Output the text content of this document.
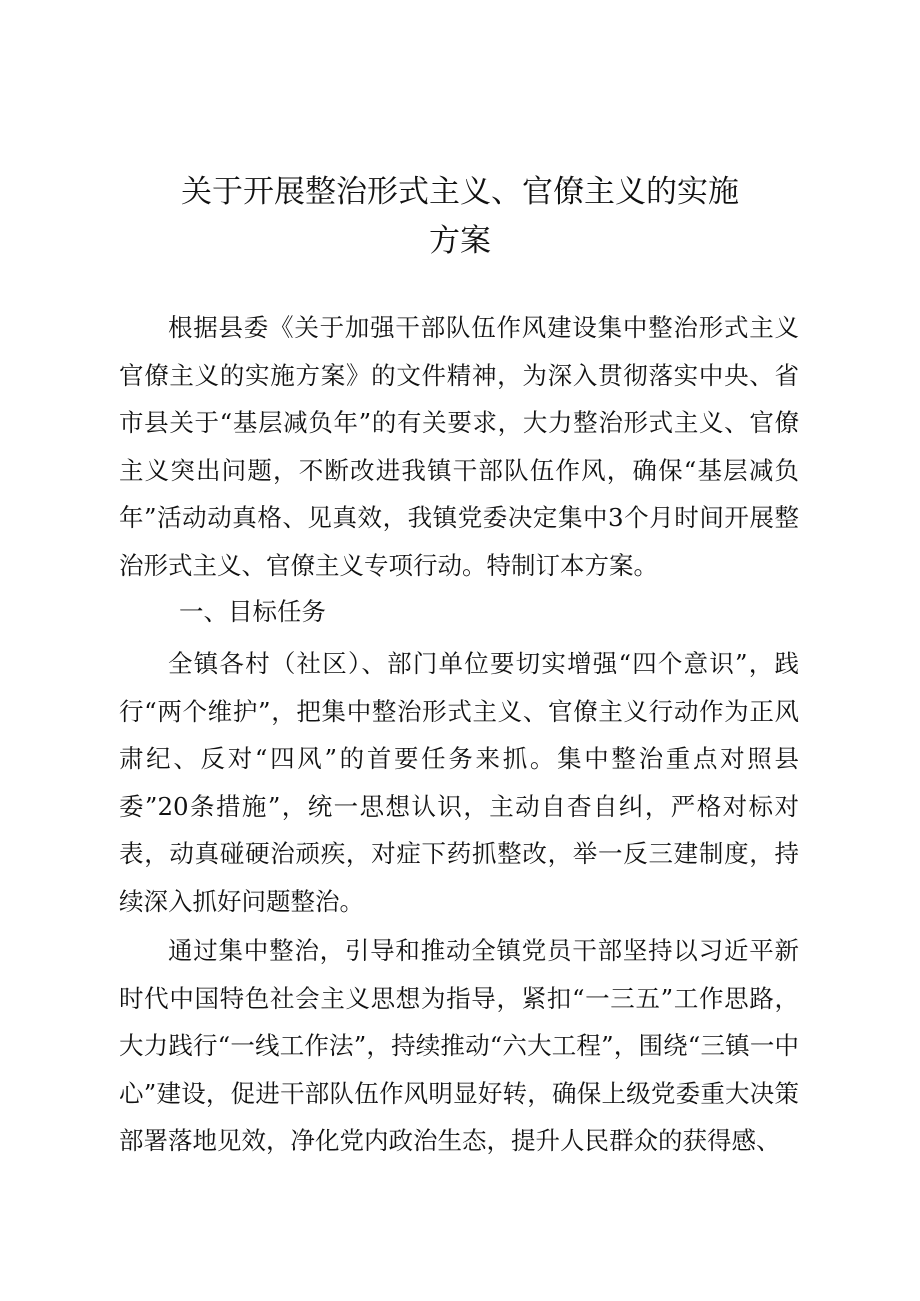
关于开展整治形式主义、官僚主义的实施
方案

根据县委《关于加强干部队伍作风建设集中整治形式主义官僚主义的实施方案》的文件精神，为深入贯彻落实中央、省市县关于“基层减负年”的有关要求，大力整治形式主义、官僚主义突出问题，不断改进我镇干部队伍作风，确保“基层减负年”活动动真格、见真效，我镇党委决定集中3个月时间开展整治形式主义、官僚主义专项行动。特制订本方案。

一、目标任务

全镇各村（社区）、部门单位要切实增强“四个意识”，践行“两个维护”，把集中整治形式主义、官僚主义行动作为正风肃纪、反对“四风”的首要任务来抓。集中整治重点对照县委”20条措施”，统一思想认识，主动自杳自纠，严格对标对表，动真碰硬治顽疾，对症下药抓整改，举一反三建制度，持续深入抓好问题整治。

通过集中整治，引导和推动全镇党员干部坚持以习近平新时代中国特色社会主义思想为指导，紧扣“一三五”工作思路，大力践行“一线工作法”，持续推动“六大工程”，围绕“三镇一中心”建设，促进干部队伍作风明显好转，确保上级党委重大决策部署落地见效，净化党内政治生态，提升人民群众的获得感、
